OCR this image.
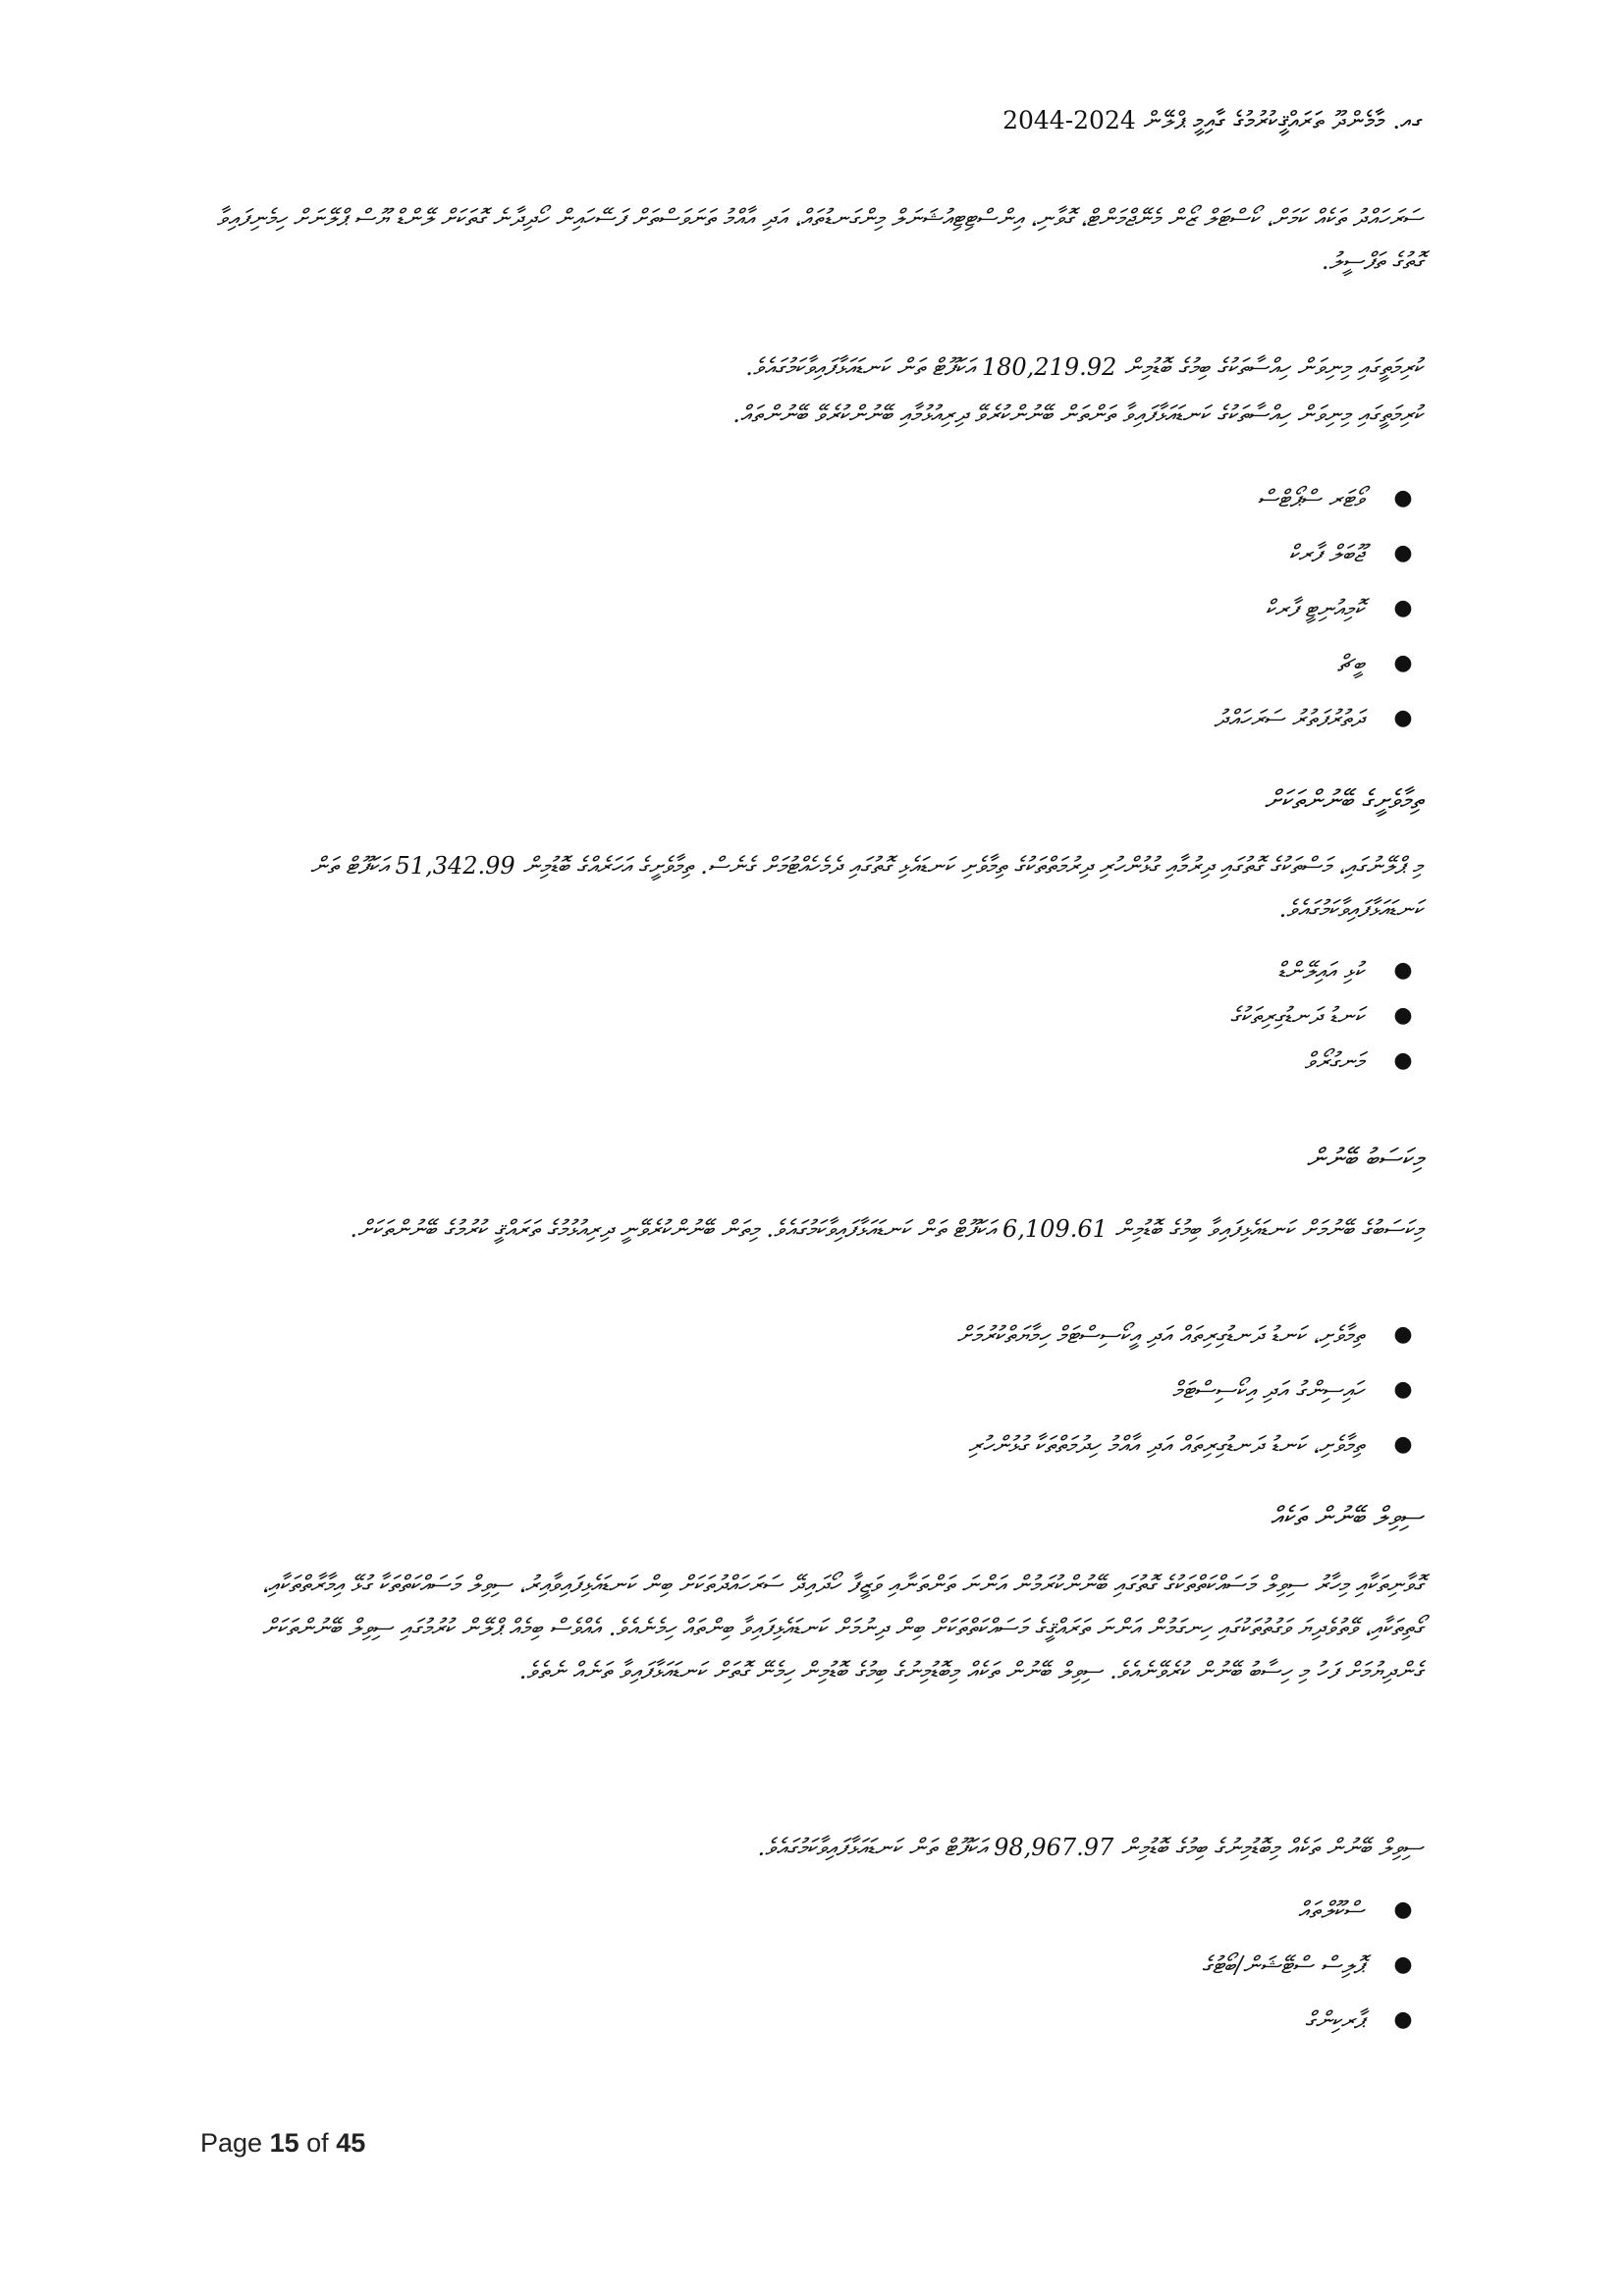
ގއ. މާމެންދޫ ތަރައްޤީކުރުމުގެ ގާއިމީ ޕްލޭން 2024-2044
ސަރަހައްދު ތަކެއް ކަމަށް، ކޯސްޓަލް ޒޯން މެނޭޖްމަންޓް، ގޮވާނި، އިންސްޓިޓިއުޝަނަލް މިންގަނޑުތައް، އަދި އާއްމު ތަނަވަސްތަށް ފަސޭހައިން ހޯދިދާނެ ގޮތަކަށް ލޭންޑް ޔޫސް ޕްލޭނަށް ހިމެނިފައިވާ ގޮތުގެ ތަފްސީލު.
ކުރިމަތީގައި މިނިވަން ހިއްސާތަކުގެ ބިމުގެ ބޮޑުމިން 180,219.92 އަކަފޫޓް ތަން ކަނޑައަޅާފައިވާކަމުގައެވެ.
ކުރިމަތީގައި މިނިވަން ހިއްސާތަކުގެ ކަނޑައަޅާފައިވާ ތަންތަން ބޭނުންކުރެވޭ ދިރިއުޅުމާއި ބޭނުންކުރެވޭ ބޭނުންތައް.
●
ވޯޓަރ ސްޕޯޓްސް
●
ޖޫބަލް ފާރކް
●
ކޮމިއުނިޓީ ފާރކް
●
ބީޗް
●
ދަތުރުފަތުރު ސަރަހައްދު
ތިމާވެށީގެ ބޭނުންތަކަށް
މި ޕްލޭނުގައި، މަސްތަކުގެ ގޮތުގައި ދިރުމާއި ގުޅުންހުރި ދިރުމަތްތަކުގެ ތިމާވެށި ކަނޑައެޅި ގޮތުގައި ދެމެހެއްޓުމަށް ގެނެސް. ތިމާވެށީގެ އަހަރެއްގެ ބޮޑުމިން 51,342.99 އަކަފޫޓް ތަން ކަނޑައަޅާފައިވާކަމުގައެވެ.
●
ކުޅި އައިލޭންޑް
●
ކަނޑު ދަނޑުގިރިތަކުގެ
●
މަނގުރޯވް
މިކަސަބު ބޭނުން
މިކަސަބުގެ ބޭނުމަށް ކަނޑައެޅިފައިވާ ބިމުގެ ބޮޑުމިން 6,109.61 އަކަފޫޓް ތަން ކަނޑައަޅާފައިވާކަމުގައެވެ. މިތަން ބޭނުންކުރެވޭނީ ދިރިއުޅުމުގެ ތަރައްޤީ ކުރުމުގެ ބޭނުންތަކަށް.
●
ތިމާވެށި، ކަނޑު ދަނޑުގިރިތައް އަދި އީކޯސިސްޓަމް ހިމާޔަތްކުރުމަށް
●
ހައިސިންގު އަދި އިކޯސިސްޓަމް
●
ތިމާވެށި، ކަނޑު ދަނޑުގިރިތައް އަދި އާއްމު ހިދުމަތްތަކާ ގުޅުންހުރި
ސިވިލް ބޭނުން ތަކެއް
ގޮވާނިތަކާއި މިހާރު ސިވިލް މަސައްކަތްތަކުގެ ގޮތުގައި ބޭނުންކުރަމުން އަންނަ ތަންތަނާއި ވަޒީފާ ހޯދައިދޭ ސަރަހައްދުތަކަށް ބިން ކަނޑައެޅިފައިވާއިރު، ސިވިލް މަސައްކަތްތަކާ ގުޅޭ އިމާރާތްތަކާއި، ގޯތިތަކާއި، ވޭތުވެދިޔަ ވަގުތުތަކުގައި ހިނގަމުން އަންނަ ތަރައްޤީގެ މަސައްކަތްތަކަށް ބިން ދިނުމަށް ކަނޑައެޅިފައިވާ ބިންތައް ހިމެނެއެވެ. އެއްވެސް ބިމެއް ޕްލޭން ކުރުމުގައި ސިވިލް ބޭނުންތަކަށް ގެންދިޔުމަށް ފަހު މި ހިސާބު ބޭނުން ކުރެވޭނެއެވެ. ސިވިލް ބޭނުން ތަކެއް މިބޮޑުމިނުގެ ބިމުގެ ބޮޑުމިން ހިމެނޭ ގޮތަށް ކަނޑައަޅާފައިވާ ތަނެއް ނެތެވެ.
ސިވިލް ބޭނުން ތަކެއް މިބޮޑުމިނުގެ ބިމުގެ ބޮޑުމިން 98,967.97 އަކަފޫޓް ތަން ކަނޑައަޅާފައިވާކަމުގައެވެ.
●
ސްކޫލްތައް
●
ޕޮލިސް ސްޓޭޝަން/ބޯޓުގެ
●
ޕާރކިންގް
Page 15 of 45
